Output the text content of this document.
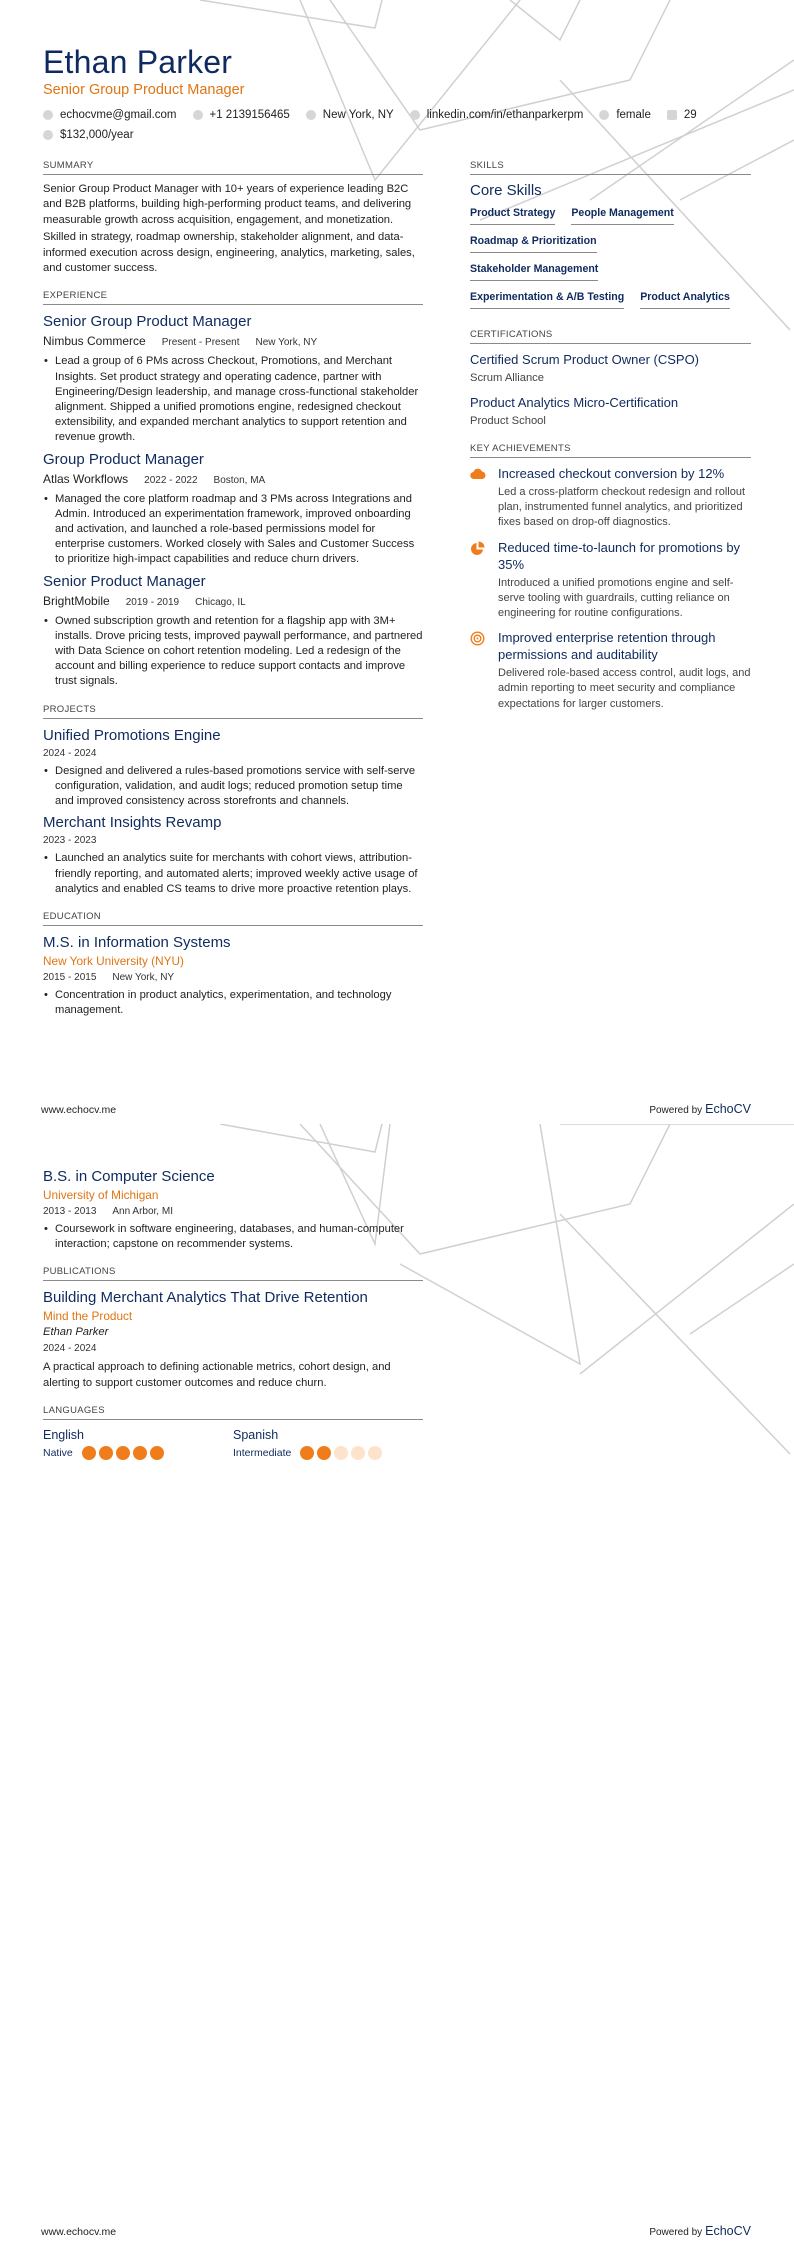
Ethan Parker
Senior Group Product Manager
echocvme@gmail.com	+1 2139156465	New York, NY	linkedin.com/in/ethanparkerpm	female	29
$132,000/year
SUMMARY

Senior Group Product Manager with 10+ years of experience leading B2C and B2B platforms, building high-performing product teams, and delivering measurable growth across acquisition, engagement, and monetization.

Skilled in strategy, roadmap ownership, stakeholder alignment, and data-informed execution across design, engineering, analytics, marketing, sales, and customer success.

EXPERIENCE
Senior Group Product Manager
Nimbus Commerce Present - Present New York, NY
• Lead a group of 6 PMs across Checkout, Promotions, and Merchant Insights. Set product strategy and operating cadence, partner with Engineering/Design leadership, and manage cross-functional stakeholder alignment. Shipped a unified promotions engine, redesigned checkout extensibility, and expanded merchant analytics to support retention and revenue growth.
Group Product Manager
Atlas Workflows 2022 - 2022 Boston, MA
• Managed the core platform roadmap and 3 PMs across Integrations and Admin. Introduced an experimentation framework, improved onboarding and activation, and launched a role-based permissions model for enterprise customers. Worked closely with Sales and Customer Success to prioritize high-impact capabilities and reduce churn drivers.
Senior Product Manager
BrightMobile 2019 - 2019 Chicago, IL
• Owned subscription growth and retention for a flagship app with 3M+ installs. Drove pricing tests, improved paywall performance, and partnered with Data Science on cohort retention modeling. Led a redesign of the account and billing experience to reduce support contacts and improve trust signals.
PROJECTS
Unified Promotions Engine
2024 - 2024
• Designed and delivered a rules-based promotions service with self-serve configuration, validation, and audit logs; reduced promotion setup time and improved consistency across storefronts and channels.
Merchant Insights Revamp
2023 - 2023
• Launched an analytics suite for merchants with cohort views, attribution-friendly reporting, and automated alerts; improved weekly active usage of analytics and enabled CS teams to drive more proactive retention plays.
EDUCATION
M.S. in Information Systems
New York University (NYU)
2015 - 2015 New York, NY
• Concentration in product analytics, experimentation, and technology management.
SKILLS
Core Skills
Product Strategy People Management
Roadmap & Prioritization
Stakeholder Management
Experimentation & A/B Testing Product Analytics
CERTIFICATIONS
Certified Scrum Product Owner (CSPO)
Scrum Alliance
Product Analytics Micro-Certification
Product School
KEY ACHIEVEMENTS
Increased checkout conversion by 12%
Led a cross-platform checkout redesign and rollout plan, instrumented funnel analytics, and prioritized fixes based on drop-off diagnostics.
Reduced time-to-launch for promotions by 35%
Introduced a unified promotions engine and self-serve tooling with guardrails, cutting reliance on engineering for routine configurations.
Improved enterprise retention through permissions and auditability
Delivered role-based access control, audit logs, and admin reporting to meet security and compliance expectations for larger customers.
www.echocv.me	Powered by EchoCV
B.S. in Computer Science
University of Michigan
2013 - 2013 Ann Arbor, MI
• Coursework in software engineering, databases, and human-computer interaction; capstone on recommender systems.
PUBLICATIONS
Building Merchant Analytics That Drive Retention
Mind the Product
Ethan Parker
2024 - 2024

A practical approach to defining actionable metrics, cohort design, and alerting to support customer outcomes and reduce churn.

LANGUAGES
English
Native
Spanish
Intermediate
www.echocv.me	Powered by EchoCV
